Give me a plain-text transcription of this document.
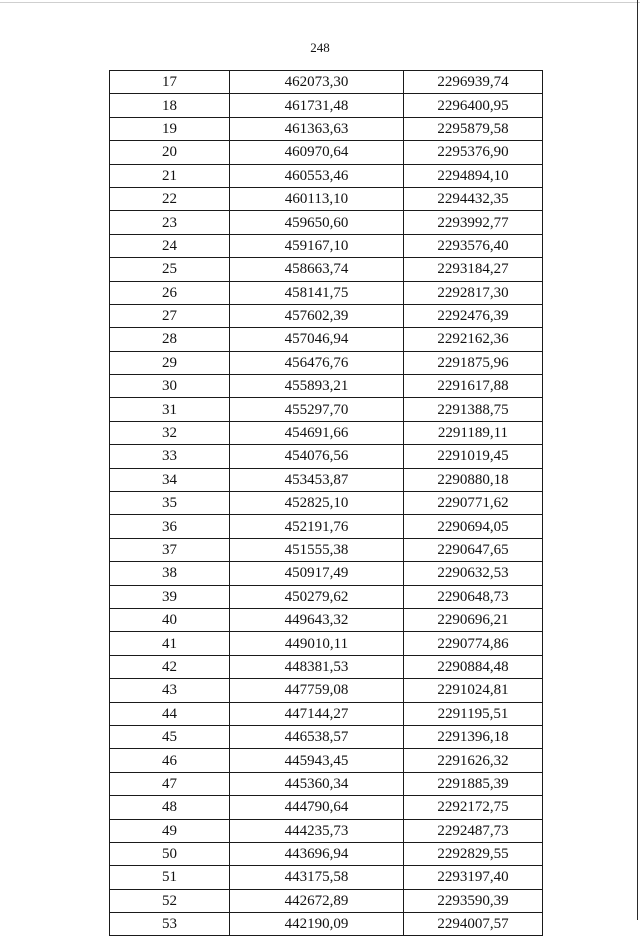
248
17	462073,30	2296939,74
18	461731,48	2296400,95
19	461363,63	2295879,58
20	460970,64	2295376,90
21	460553,46	2294894,10
22	460113,10	2294432,35
23	459650,60	2293992,77
24	459167,10	2293576,40
25	458663,74	2293184,27
26	458141,75	2292817,30
27	457602,39	2292476,39
28	457046,94	2292162,36
29	456476,76	2291875,96
30	455893,21	2291617,88
31	455297,70	2291388,75
32	454691,66	2291189,11
33	454076,56	2291019,45
34	453453,87	2290880,18
35	452825,10	2290771,62
36	452191,76	2290694,05
37	451555,38	2290647,65
38	450917,49	2290632,53
39	450279,62	2290648,73
40	449643,32	2290696,21
41	449010,11	2290774,86
42	448381,53	2290884,48
43	447759,08	2291024,81
44	447144,27	2291195,51
45	446538,57	2291396,18
46	445943,45	2291626,32
47	445360,34	2291885,39
48	444790,64	2292172,75
49	444235,73	2292487,73
50	443696,94	2292829,55
51	443175,58	2293197,40
52	442672,89	2293590,39
53	442190,09	2294007,57
